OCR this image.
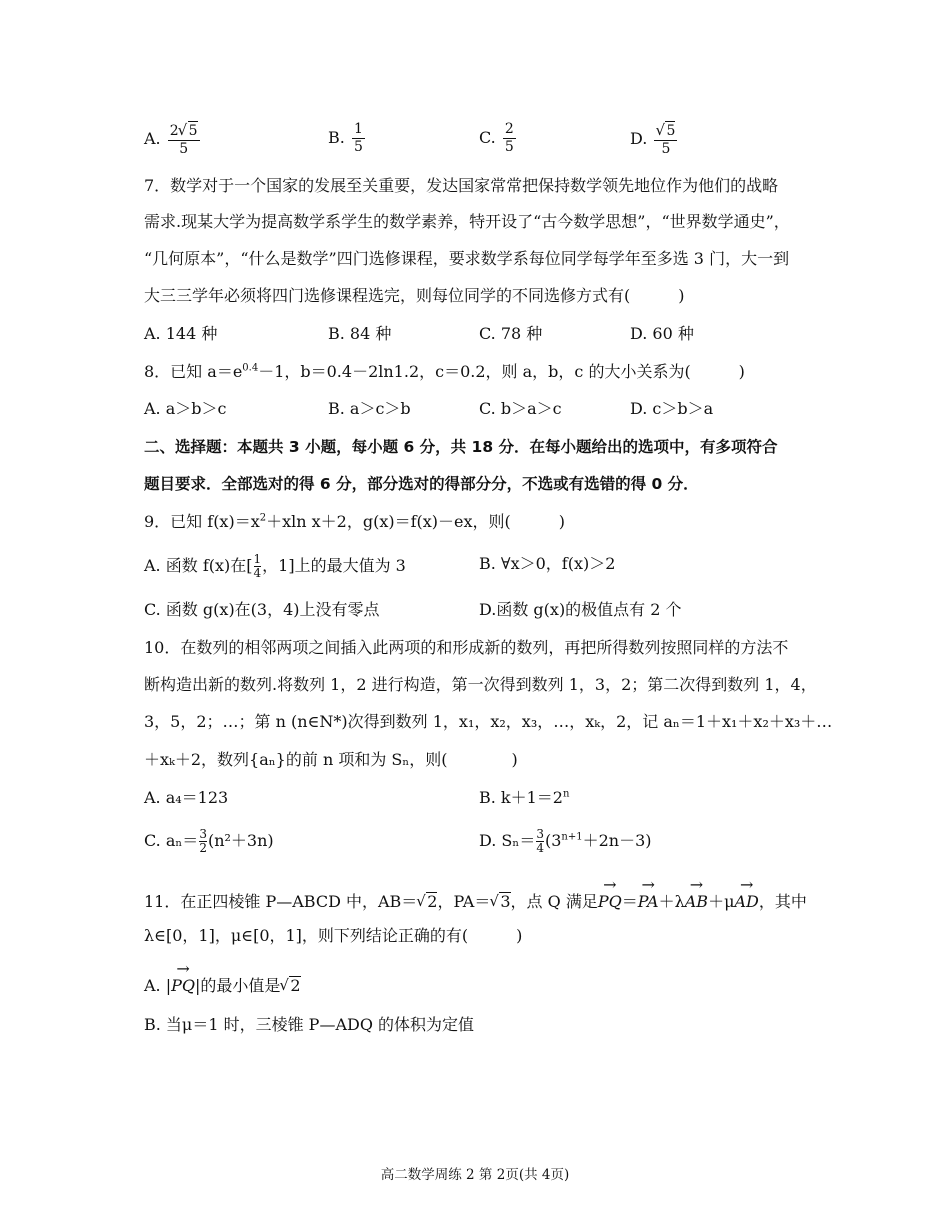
A. $\frac{2 √ 5}{5}$	B. $\frac{1}{5}$	C. $\frac{2}{5}$	D. √ $\frac{5}{5}$
7．数学对于一个国家的发展至关重要，发达国家常常把保持数学领先地位作为他们的战略
需求.现某大学为提高数学系学生的数学素养，特开设了“古今数学思想”，“世界数学通史”，
“几何原本”，“什么是数学”四门选修课程，要求数学系每位同学每学年至多选 3 门，大一到
大三三学年必须将四门选修课程选完，则每位同学的不同选修方式有(　　　)
A. 144 种	B. 84 种	C. 78 种	D. 60 种
8．已知 $a=e^{0.4}-1$，b＝0.4－2ln1.2，c＝0.2，则 a，b，c 的大小关系为(　　　)
A. a＞b＞c	B. a＞c＞b	C. b＞a＞c	D. c＞b＞a
二、选择题：本题共 3 小题，每小题 6 分，共 18 分．在每小题给出的选项中，有多项符合
题目要求．全部选对的得 6 分，部分选对的得部分分，不选或有选错的得 0 分．
9．已知 $f(x)=x^2+xln$ x＋2，g(x)＝f(x)－ex，则(　　　)
A. 函数 f(x)在[ $\frac{1}{4}$，1]上的最大值为 3	B. ∀x＞0，f(x)＞2
C. 函数 g(x)在(3，4)上没有零点	D.函数 g(x)的极值点有 2 个
10．在数列的相邻两项之间插入此两项的和形成新的数列，再把所得数列按照同样的方法不
断构造出新的数列.将数列 1，2 进行构造，第一次得到数列 1，3，2；第二次得到数列 1，4，
3，5，2；…；第 n (n∈N*)次得到数列 1，x₁，x₂，x₃，…，xₖ，2，记 aₙ＝1＋x₁＋x₂＋x₃＋…
＋xₖ＋2，数列{aₙ}的前 n 项和为 Sₙ，则(　　　　)
A. a₄＝123	B. $k+1=2^n$
C. $a_n= \frac{3}{2}(n^2+3n)$	D. $S_n= \frac{3}{4}(3^{n+1}+2n-3)$
11．在正四棱锥 P—ABCD 中，AB＝ √ 2，PA＝ √ 3，点 Q 满足→ PQ＝→ PA＋λ→ AB＋μ→ AD，其中
λ∈[0，1]，μ∈[0，1]，则下列结论正确的有(　　　)
A. |→ PQ|的最小值是 √ 2
B. 当μ＝1 时，三棱锥 P—ADQ 的体积为定值
高二数学周练 2 第 2页(共 4页)
